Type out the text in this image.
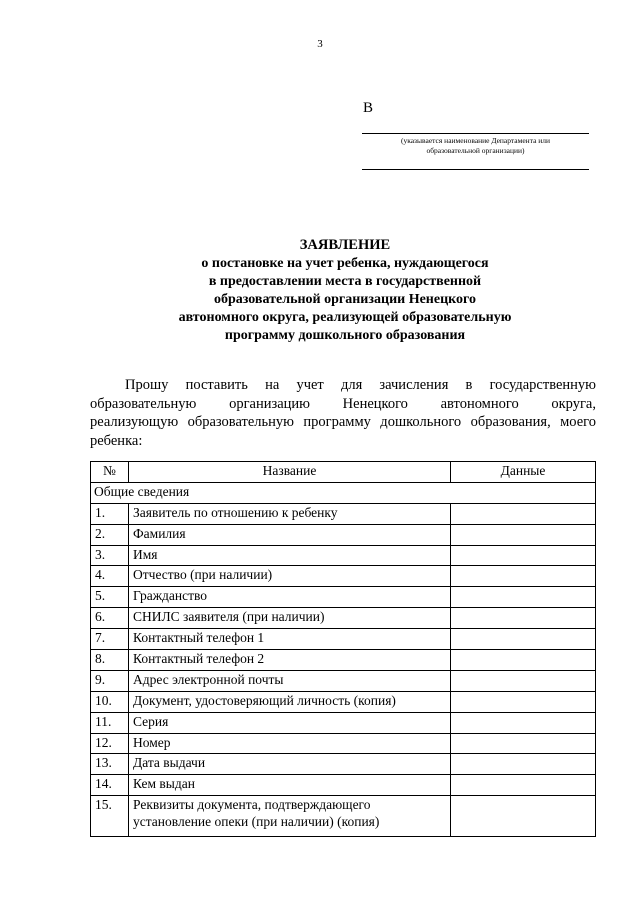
3
В
(указывается наименование Департамента или
образовательной организации)
ЗАЯВЛЕНИЕ
о постановке на учет ребенка, нуждающегося
в предоставлении места в государственной
образовательной организации Ненецкого
автономного округа, реализующей образовательную
программу дошкольного образования
Прошу поставить на учет для зачисления в государственную
образовательную организацию Ненецкого автономного округа,
реализующую образовательную программу дошкольного образования, моего
ребенка:
№	Название	Данные
Общие сведения		
1.	Заявитель по отношению к ребенку	
2.	Фамилия	
3.	Имя	
4.	Отчество (при наличии)	
5.	Гражданство	
6.	СНИЛС заявителя (при наличии)	
7.	Контактный телефон 1	
8.	Контактный телефон 2	
9.	Адрес электронной почты	
10.	Документ, удостоверяющий личность (копия)	
11.	Серия	
12.	Номер	
13.	Дата выдачи	
14.	Кем выдан	
15.	Реквизиты документа, подтверждающего установление опеки (при наличии) (копия)	
